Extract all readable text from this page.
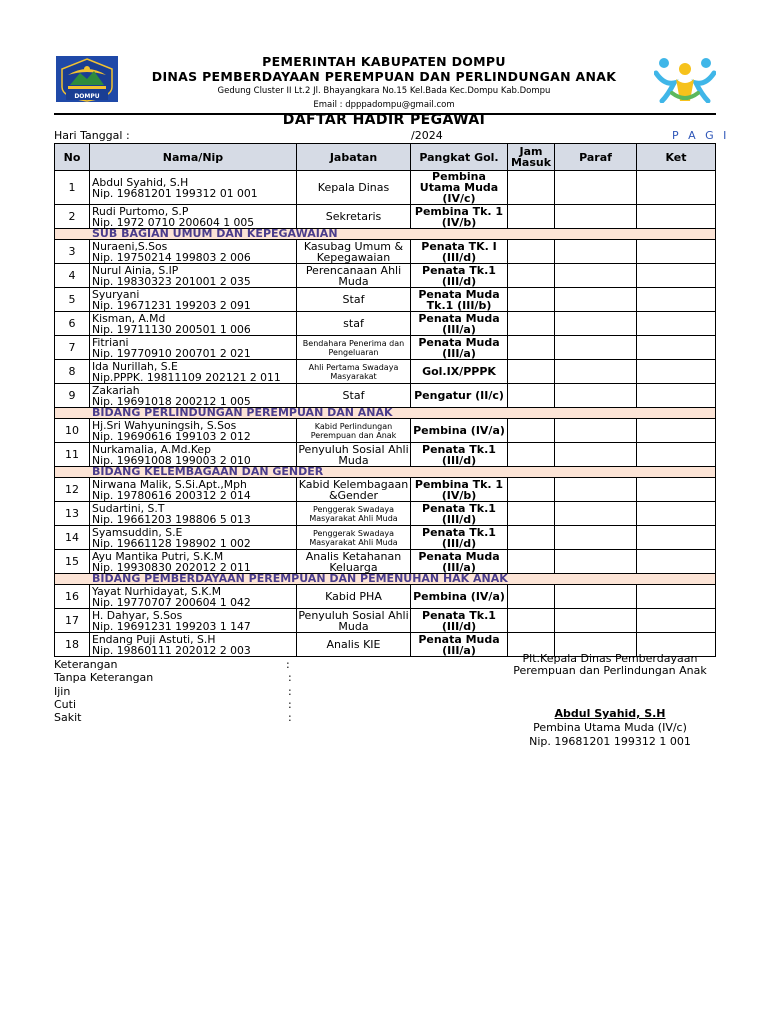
DOMPU
PEMERINTAH KABUPATEN DOMPU
DINAS PEMBERDAYAAN PEREMPUAN DAN PERLINDUNGAN ANAK
Gedung Cluster II Lt.2 Jl. Bhayangkara No.15 Kel.Bada Kec.Dompu Kab.Dompu
Email : dpppadompu@gmail.com
DAFTAR HADIR PEGAWAI
Hari Tanggal :	/2024	P A G I
No	Nama/Nip	Jabatan	Pangkat Gol.	Jam Masuk	Paraf	Ket
1	Abdul Syahid, S.H
Nip. 19681201 199312 01 001	Kepala Dinas	Pembina Utama Muda (IV/c)			
2	Rudi Purtomo, S.P
Nip. 1972 0710 200604 1 005	Sekretaris	Pembina Tk. 1 (IV/b)			
SUB BAGIAN UMUM DAN KEPEGAWAIAN						
3	Nuraeni,S.Sos
Nip. 19750214 199803 2 006	Kasubag Umum & Kepegawaian	Penata TK. I (III/d)			
4	Nurul Ainia, S.IP
Nip. 19830323 201001 2 035	Perencanaan Ahli Muda	Penata Tk.1 (III/d)			
5	Syuryani
Nip. 19671231 199203 2 091	Staf	Penata Muda Tk.1 (III/b)			
6	Kisman, A.Md
Nip. 19711130 200501 1 006	staf	Penata Muda (III/a)			
7	Fitriani
Nip. 19770910 200701 2 021	Bendahara Penerima dan Pengeluaran	Penata Muda (III/a)			
8	Ida Nurillah, S.E
Nip.PPPK. 19811109 202121 2 011	Ahli Pertama Swadaya Masyarakat	Gol.IX/PPPK			
9	Zakariah
Nip. 19691018 200212 1 005	Staf	Pengatur (II/c)			
BIDANG PERLINDUNGAN PEREMPUAN DAN ANAK						
10	Hj.Sri Wahyuningsih, S.Sos
Nip. 19690616 199103 2 012	Kabid Perlindungan Perempuan dan Anak	Pembina (IV/a)			
11	Nurkamalia, A.Md.Kep
Nip. 19691008 199003 2 010	Penyuluh Sosial Ahli Muda	Penata Tk.1 (III/d)			
BIDANG KELEMBAGAAN DAN GENDER						
12	Nirwana Malik, S.Si.Apt.,Mph
Nip. 19780616 200312 2 014	Kabid Kelembagaan &Gender	Pembina Tk. 1 (IV/b)			
13	Sudartini, S.T
Nip. 19661203 198806 5 013	Penggerak Swadaya Masyarakat Ahli Muda	Penata Tk.1 (III/d)			
14	Syamsuddin, S.E
Nip. 19661128 198902 1 002	Penggerak Swadaya Masyarakat Ahli Muda	Penata Tk.1 (III/d)			
15	Ayu Mantika Putri, S.K.M
Nip. 19930830 202012 2 011	Analis Ketahanan Keluarga	Penata Muda (III/a)			
BIDANG PEMBERDAYAAN PEREMPUAN DAN PEMENUHAN HAK ANAK						
16	Yayat Nurhidayat, S.K.M
Nip. 19770707 200604 1 042	Kabid PHA	Pembina (IV/a)			
17	H. Dahyar, S.Sos
Nip. 19691231 199203 1 147	Penyuluh Sosial Ahli Muda	Penata Tk.1 (III/d)			
18	Endang Puji Astuti, S.H
Nip. 19860111 202012 2 003	Analis KIE	Penata Muda (III/a)			
Keterangan	:
Tanpa Keterangan	:
Ijin	:
Cuti	:
Sakit	:
Plt.Kepala Dinas Pemberdayaan Perempuan dan Perlindungan Anak
Abdul Syahid, S.H
Pembina Utama Muda (IV/c)
Nip. 19681201 199312 1 001
